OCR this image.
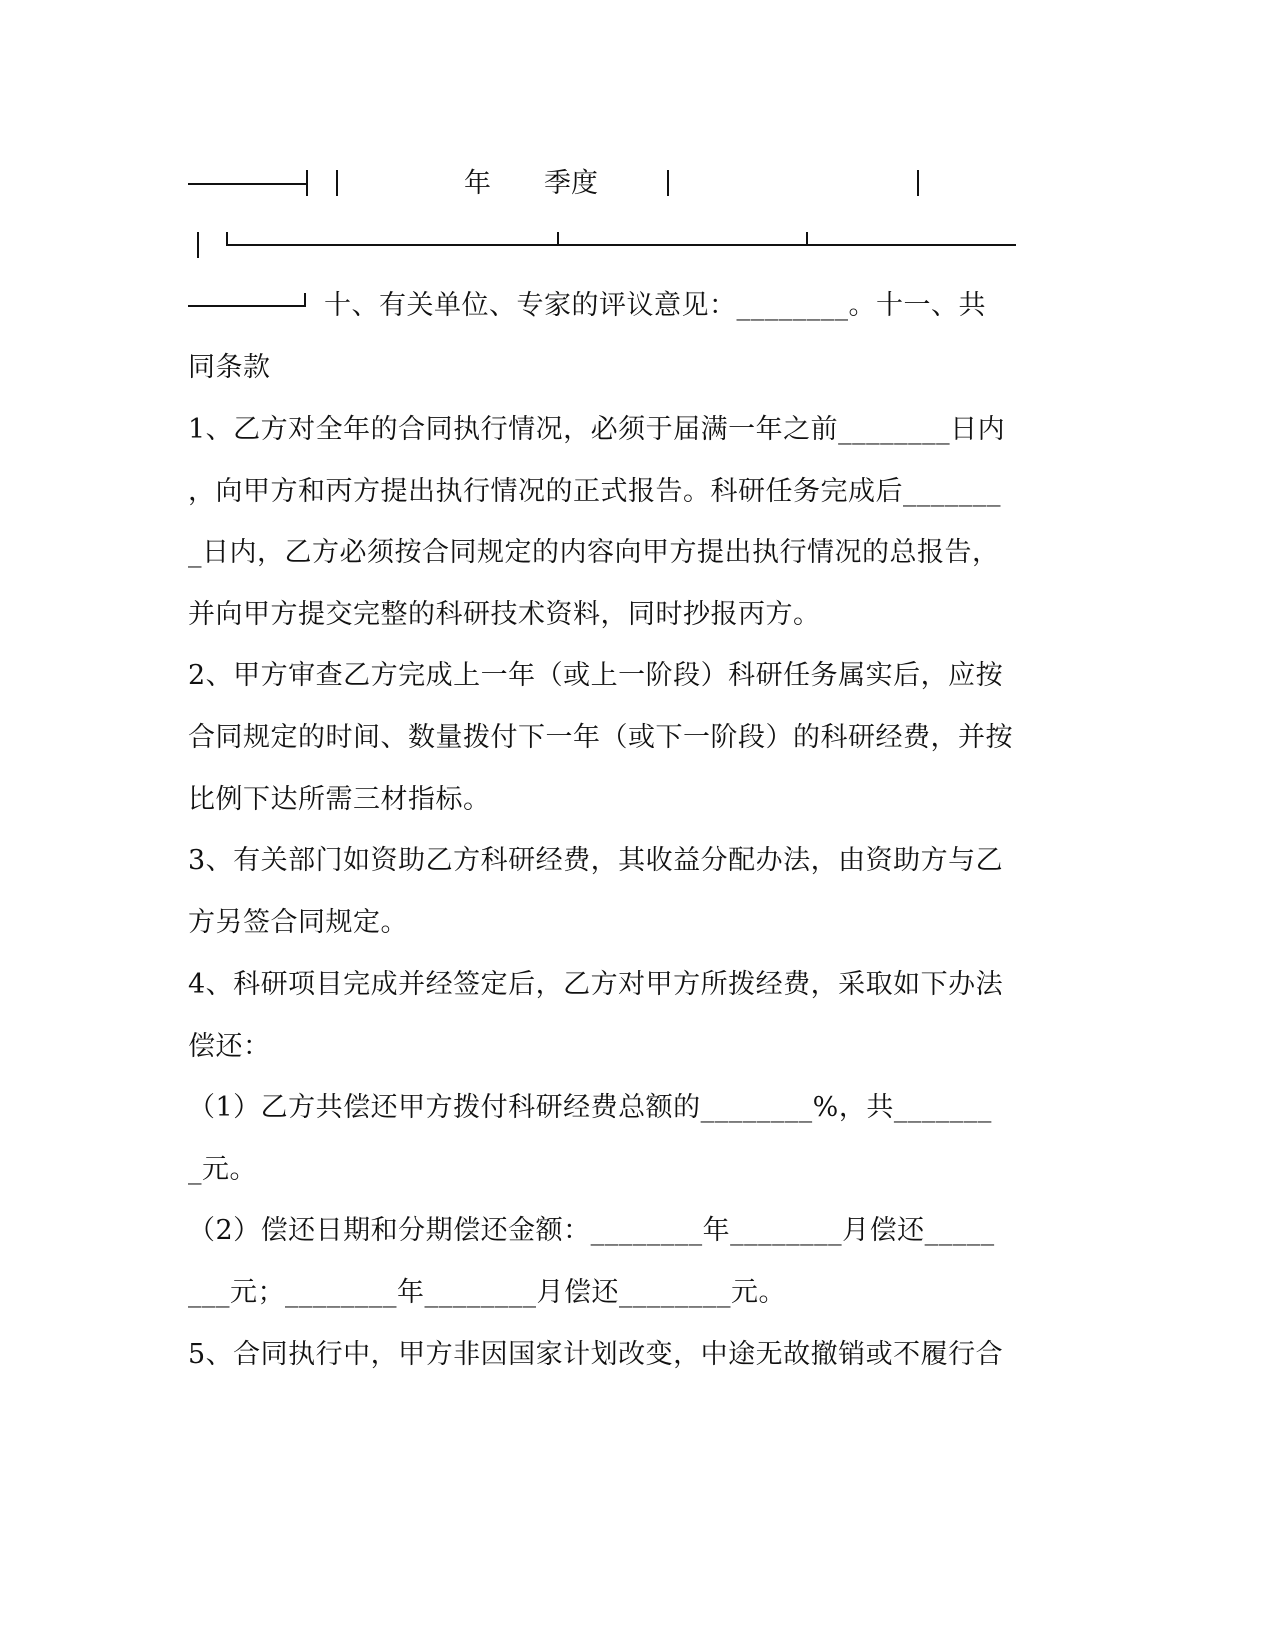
年 季度
十、有关单位、专家的评议意见：________。十一、共
同条款
1、乙方对全年的合同执行情况，必须于届满一年之前________日内
，向甲方和丙方提出执行情况的正式报告。科研任务完成后_______
_日内，乙方必须按合同规定的内容向甲方提出执行情况的总报告，
并向甲方提交完整的科研技术资料，同时抄报丙方。
2、甲方审查乙方完成上一年（或上一阶段）科研任务属实后，应按
合同规定的时间、数量拨付下一年（或下一阶段）的科研经费，并按
比例下达所需三材指标。
3、有关部门如资助乙方科研经费，其收益分配办法，由资助方与乙
方另签合同规定。
4、科研项目完成并经签定后，乙方对甲方所拨经费，采取如下办法
偿还：
（1）乙方共偿还甲方拨付科研经费总额的________%，共_______
_元。
（2）偿还日期和分期偿还金额：________年________月偿还_____
___元；________年________月偿还________元。
5、合同执行中，甲方非因国家计划改变，中途无故撤销或不履行合
